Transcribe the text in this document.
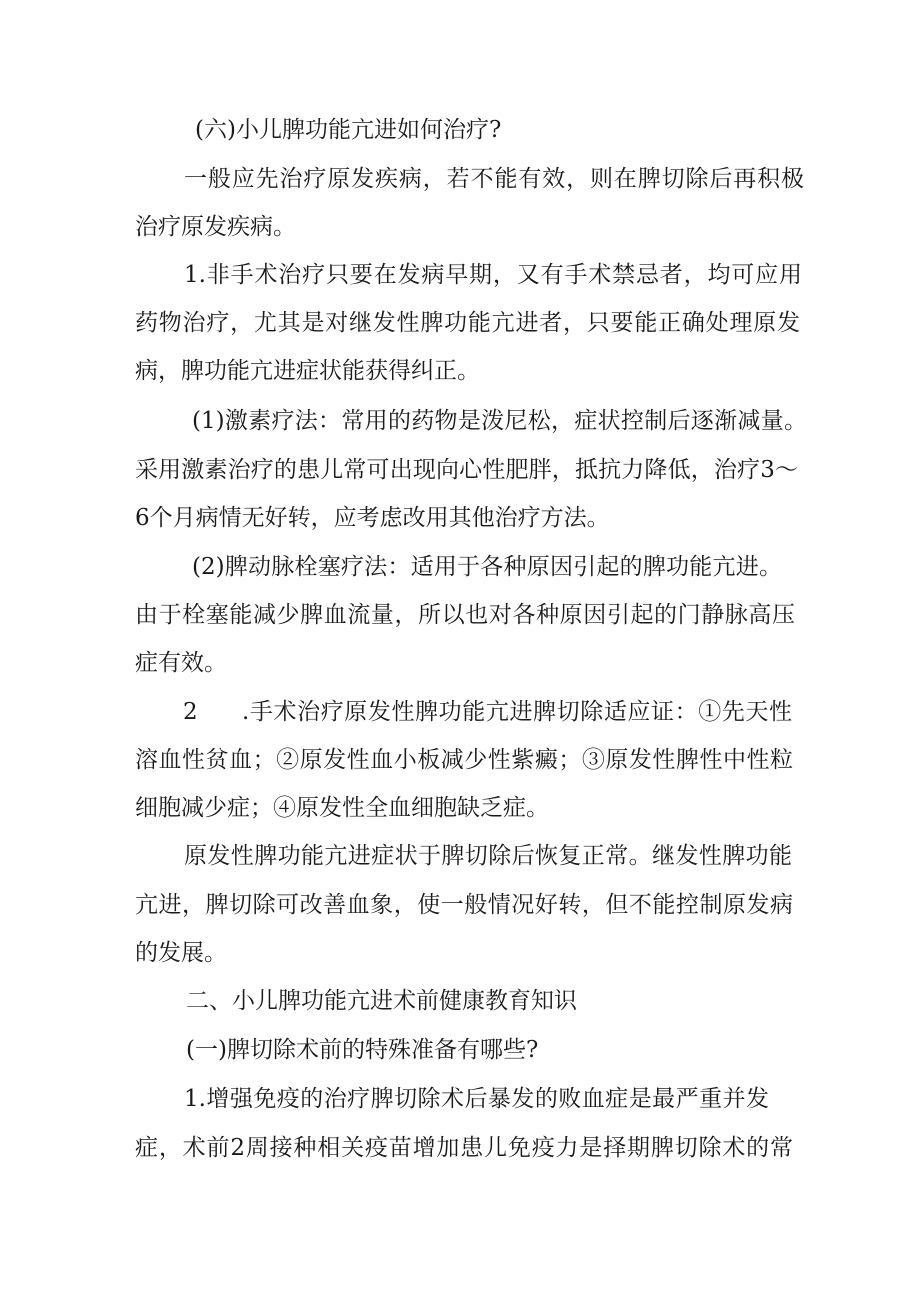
(六)小儿脾功能亢进如何治疗?
一般应先治疗原发疾病，若不能有效，则在脾切除后再积极
治疗原发疾病。
1.非手术治疗只要在发病早期，又有手术禁忌者，均可应用
药物治疗，尤其是对继发性脾功能亢进者，只要能正确处理原发
病，脾功能亢进症状能获得纠正。
(1)激素疗法：常用的药物是泼尼松，症状控制后逐渐减量。
采用激素治疗的患儿常可出现向心性肥胖，抵抗力降低，治疗3～
6个月病情无好转，应考虑改用其他治疗方法。
(2)脾动脉栓塞疗法：适用于各种原因引起的脾功能亢进。
由于栓塞能减少脾血流量，所以也对各种原因引起的门静脉高压
症有效。
2	.手术治疗原发性脾功能亢进脾切除适应证：①先天性
溶血性贫血；②原发性血小板减少性紫癜；③原发性脾性中性粒
细胞减少症；④原发性全血细胞缺乏症。
原发性脾功能亢进症状于脾切除后恢复正常。继发性脾功能
亢进，脾切除可改善血象，使一般情况好转，但不能控制原发病
的发展。
二、小儿脾功能亢进术前健康教育知识
(一)脾切除术前的特殊准备有哪些?
1.增强免疫的治疗脾切除术后暴发的败血症是最严重并发
症，术前2周接种相关疫苗增加患儿免疫力是择期脾切除术的常
